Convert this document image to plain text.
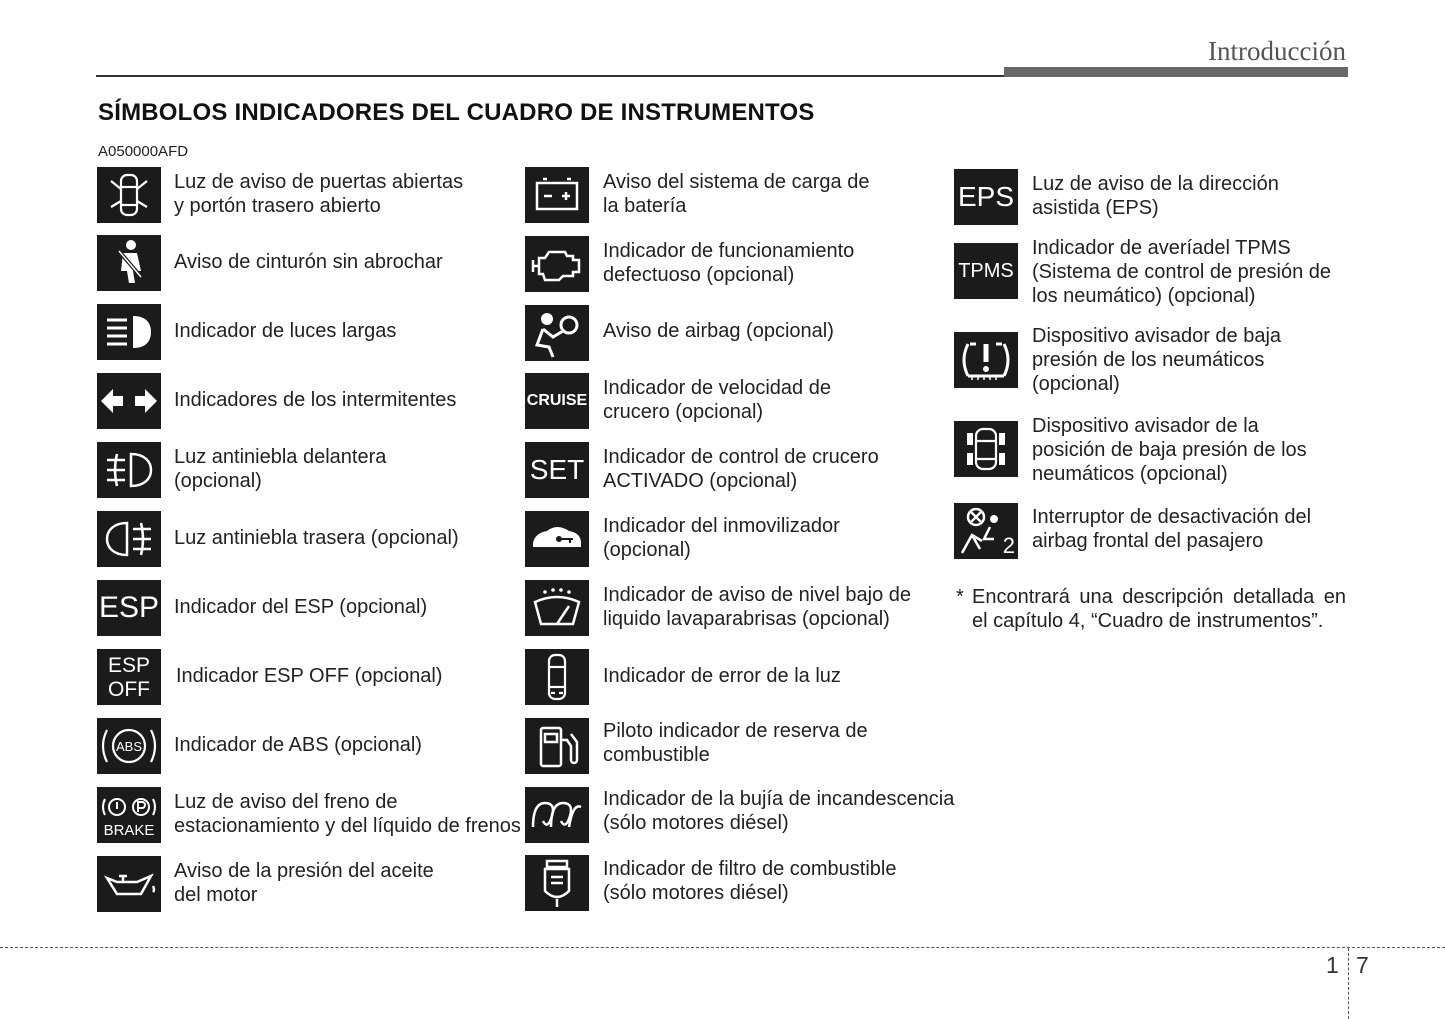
Introducción
SÍMBOLOS INDICADORES DEL CUADRO DE INSTRUMENTOS
A050000AFD
Luz de aviso de puertas abiertas
y portón trasero abierto
Aviso de cinturón sin abrochar
Indicador de luces largas
Indicadores de los intermitentes
Luz antiniebla delantera
(opcional)
Luz antiniebla trasera (opcional)
ESP Indicador del ESP (opcional)
ESP
OFF
Indicador ESP OFF (opcional)
ABS Indicador de ABS (opcional)
BRAKE
Luz de aviso del freno de
estacionamiento y del líquido de frenos
Aviso de la presión del aceite
del motor
Aviso del sistema de carga de
la batería
Indicador de funcionamiento
defectuoso (opcional)
Aviso de airbag (opcional)
CRUISE
Indicador de velocidad de
crucero (opcional)
SET Indicador de control de crucero
ACTIVADO (opcional)
Indicador del inmovilizador
(opcional)
Indicador de aviso de nivel bajo de
liquido lavaparabrisas (opcional)
Indicador de error de la luz
Piloto indicador de reserva de
combustible
Indicador de la bujía de incandescencia
(sólo motores diésel)
Indicador de filtro de combustible
(sólo motores diésel)
EPS Luz de aviso de la dirección
asistida (EPS)
TPMS
Indicador de averíadel TPMS
(Sistema de control de presión de
los neumático) (opcional)
Dispositivo avisador de baja
presión de los neumáticos
(opcional)
Dispositivo avisador de la
posición de baja presión de los
neumáticos (opcional)
2
Interruptor de desactivación del
airbag frontal del pasajero
* Encontrará una descripción detallada en el capítulo 4, “Cuadro de instrumentos”.
1 7
